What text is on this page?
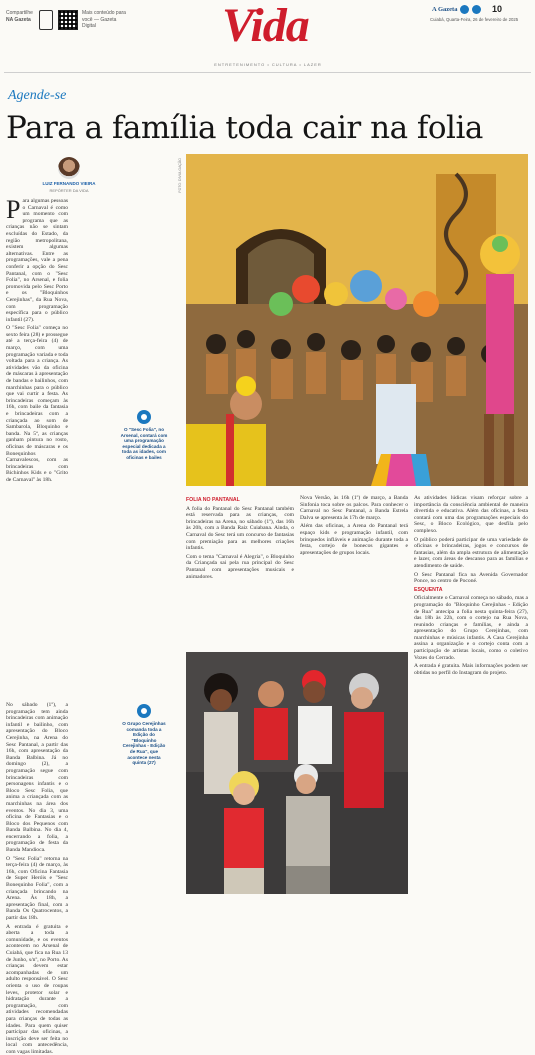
Compartilhe
NA Gazeta
Mais conteúdo para
você — Gazeta Digital	Vida
ENTRETENIMENTO • CULTURA • LAZER
A Gazeta	10
Cuiabá, Quarta-Feira, 26 de fevereiro de 2025
Agende-se
Para a família toda cair na folia
LUIZ FERNANDO VIEIRA
REPÓRTER DA VIDA
P ara algumas pessoas o Carnaval é como um momento com programa que as crianças não se sintam excluídas do Estado, da região metropolitana, existem algumas alternativas. Entre as programações, vale a pena conferir a opção do Sesc Pantanal, com o "Sesc Folia", no Arsenal, e folia promovida pelo Sesc Porto e os "Bloquinhos Cerejinhas", da Rua Nova, com programação específica para o público infantil (27).

O "Sesc Folia" começa no sexto feira (28) e prossegue até a terça-feira (4) de março, com uma programação variada e toda voltada para a criança. As atividades vão da oficina de máscaras à apresentação de bandas e bailinhos, com marchinhas para o público que vai curtir a festa. As brincadeiras começam às 16h, com baile da fantasia e brincadeiras com a criançada ao som de Sambarola, Bloquinho e banda. Na 5ª, as crianças ganham pintura no rosto, oficinas de máscaras e os Bonequinhos Carnavalescos, com as brincadeiras com Bichinhos Kids e o "Grito de Carnaval" às 18h.

No sábado (1º), a programação tem ainda brincadeiras com animação infantil e bailinho, com apresentação do Bloco Cerejinha, na Arena do Sesc Pantanal, a partir das 16h, com apresentação da Banda Balbina. Já no domingo (2), a programação segue com brincadeiras com personagens infantis e o Bloco Sesc Folia, que anima a criançada com as marchinhas na área dos eventos. No dia 3, uma oficina de Fantasias e o Bloco dos Pequenos com Banda Balbina. No dia 4, encerrando a folia, a programação de festa da Banda Mandioca.

O "Sesc Folia" retorna na terça-feira (4) de março, às 16h, com Oficina Fantasia de Super Heróis e "Sesc Bonequinho Folia", com a criançada brincando na Arena. Às 18h, a apresentação final, com a Banda Os Quatrocentos, a partir das 18h.

A entrada é gratuita e aberta a toda a comunidade, e os eventos acontecem no Arsenal de Cuiabá, que fica na Rua 13 de Junho, s/nº, no Porto. As crianças devem estar acompanhadas de um adulto responsável. O Sesc orienta o uso de roupas leves, protetor solar e hidratação durante a programação, com atividades recomendadas para crianças de todas as idades. Para quem quiser participar das oficinas, a inscrição deve ser feita no local com antecedência, com vagas limitadas.

O "Sesc Folia", no Arsenal, contará com uma programação especial dedicada a toda as idades, com oficinas e bailes
O Grupo Cerejinhas comanda toda a Edição do "Bloquinho Cerejinhas - Edição de Rua", que acontece nesta quinta (27)
FOTO: DIVULGAÇÃO
FOLIA NO PANTANAL

A folia do Pantanal do Sesc Pantanal também está reservada para as crianças, com brincadeiras na Arena, no sábado (1º), das 16h às 20h, com a Banda Raiz Cuiabana. Ainda, o Carnaval do Sesc terá um concurso de fantasias com premiação para as melhores criações infantis.

Com o tema "Carnaval é Alegria", o Bloquinho da Criançada sai pela rua principal do Sesc Pantanal com apresentações musicais e animadores.

Nova Versão, às 16h (1º) de março, a Banda Sinfonia toca sobre os palcos. Para conhecer o Carnaval no Sesc Pantanal, a Banda Estrela Dalva se apresenta às 17h de março.

Além das oficinas, a Arena do Pantanal terá espaço kids e programação infantil, com brinquedos infláveis e animação durante toda a festa, cortejo de bonecos gigantes e apresentações de grupos locais.

As atividades lúdicas visam reforçar sobre a importância da consciência ambiental de maneira divertida e educativa. Além das oficinas, a festa contará com uma das programações especiais do Sesc, o Bloco Ecológico, que desfila pelo complexo.

O público poderá participar de uma variedade de oficinas e brincadeiras, jogos e concursos de fantasias, além da ampla estrutura de alimentação e lazer, com áreas de descanso para as famílias e atendimento de saúde.

O Sesc Pantanal fica na Avenida Governador Ponce, no centro de Poconé.

ESQUENTA

Oficialmente o Carnaval começa no sábado, mas a programação do "Bloquinho Cerejinhas - Edição de Rua" antecipa a folia nesta quinta-feira (27), das 18h às 22h, com o cortejo na Rua Nova, reunindo crianças e famílias, e ainda a apresentação do Grupo Cerejinhas, com marchinhas e músicas infantis. A Casa Cerejinha assina a organização e o cortejo conta com a participação de artistas locais, como o coletivo Vozes do Cerrado.

A entrada é gratuita. Mais informações podem ser obtidas no perfil do Instagram do projeto.
